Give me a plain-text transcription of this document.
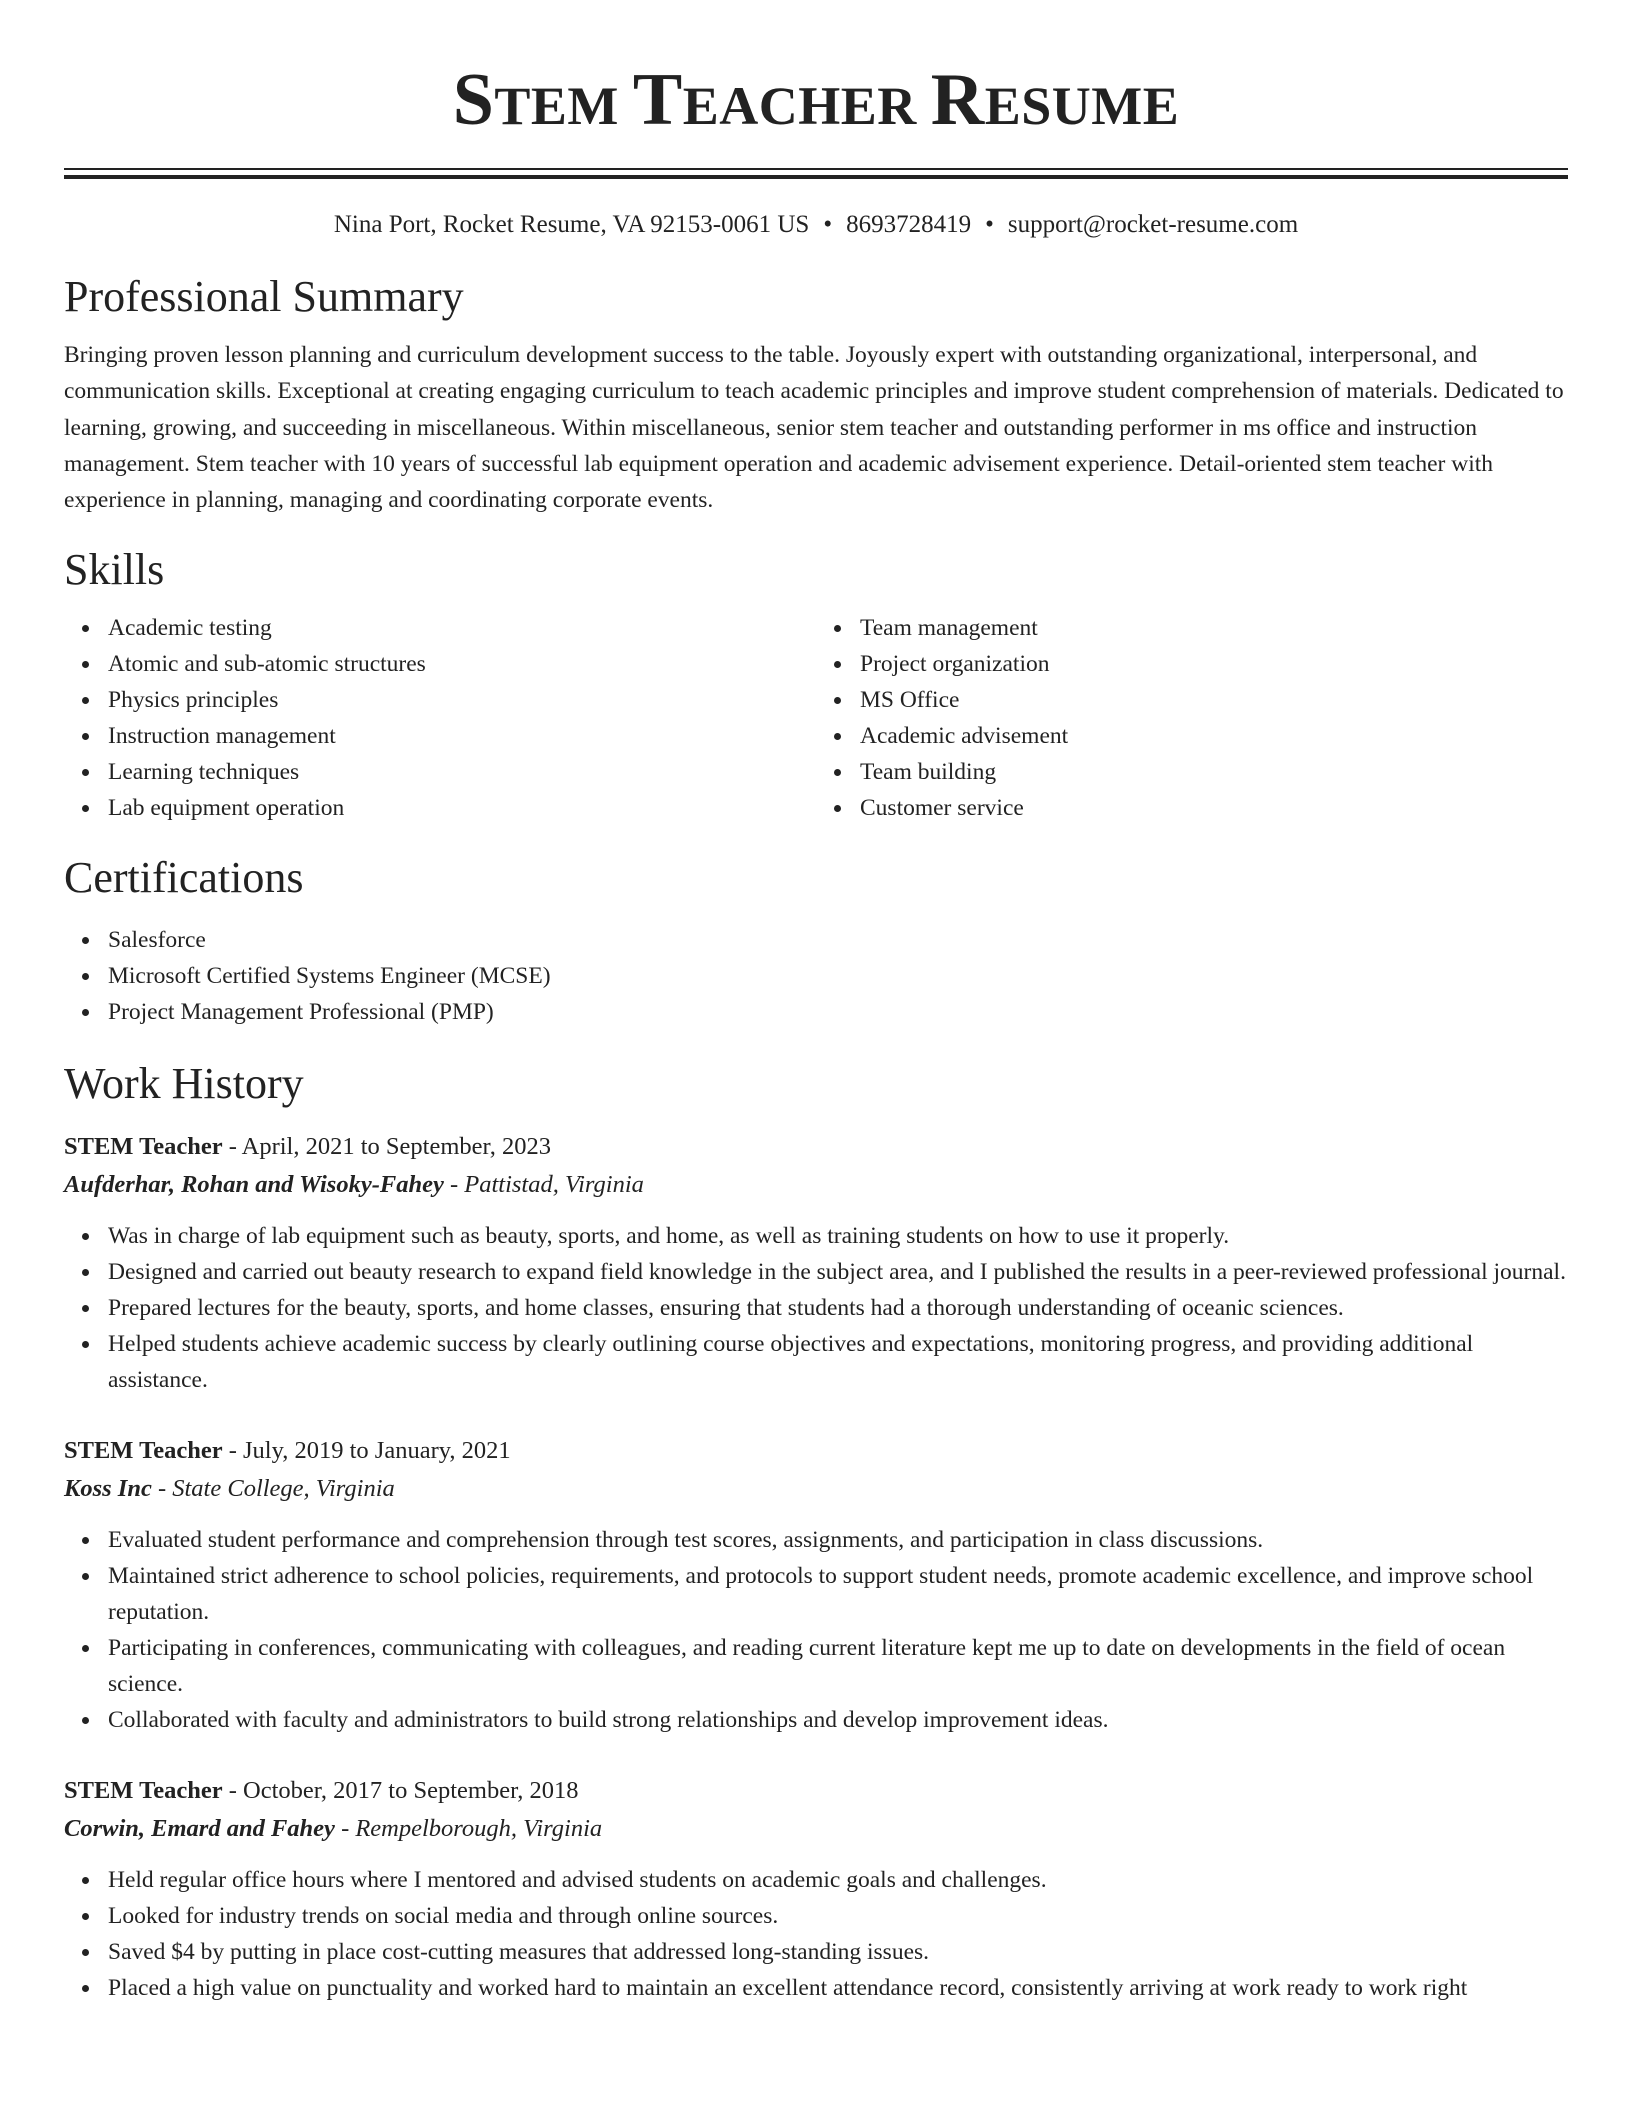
STEM TEACHER RESUME
Nina Port, Rocket Resume, VA 92153-0061 US • 8693728419 • support@rocket-resume.com
Professional Summary

Bringing proven lesson planning and curriculum development success to the table. Joyously expert with outstanding organizational, interpersonal, and communication skills. Exceptional at creating engaging curriculum to teach academic principles and improve student comprehension of materials. Dedicated to learning, growing, and succeeding in miscellaneous. Within miscellaneous, senior stem teacher and outstanding performer in ms office and instruction management. Stem teacher with 10 years of successful lab equipment operation and academic advisement experience. Detail-oriented stem teacher with experience in planning, managing and coordinating corporate events.

Skills
Academic testing
Atomic and sub-atomic structures
Physics principles
Instruction management
Learning techniques
Lab equipment operation
Team management
Project organization
MS Office
Academic advisement
Team building
Customer service
Certifications
Salesforce
Microsoft Certified Systems Engineer (MCSE)
Project Management Professional (PMP)
Work History
STEM Teacher - April, 2021 to September, 2023
Aufderhar, Rohan and Wisoky-Fahey - Pattistad, Virginia
Was in charge of lab equipment such as beauty, sports, and home, as well as training students on how to use it properly.
Designed and carried out beauty research to expand field knowledge in the subject area, and I published the results in a peer-reviewed professional journal.
Prepared lectures for the beauty, sports, and home classes, ensuring that students had a thorough understanding of oceanic sciences.
Helped students achieve academic success by clearly outlining course objectives and expectations, monitoring progress, and providing additional assistance.
STEM Teacher - July, 2019 to January, 2021
Koss Inc - State College, Virginia
Evaluated student performance and comprehension through test scores, assignments, and participation in class discussions.
Maintained strict adherence to school policies, requirements, and protocols to support student needs, promote academic excellence, and improve school reputation.
Participating in conferences, communicating with colleagues, and reading current literature kept me up to date on developments in the field of ocean science.
Collaborated with faculty and administrators to build strong relationships and develop improvement ideas.
STEM Teacher - October, 2017 to September, 2018
Corwin, Emard and Fahey - Rempelborough, Virginia
Held regular office hours where I mentored and advised students on academic goals and challenges.
Looked for industry trends on social media and through online sources.
Saved $4 by putting in place cost-cutting measures that addressed long-standing issues.
Placed a high value on punctuality and worked hard to maintain an excellent attendance record, consistently arriving at work ready to work right
